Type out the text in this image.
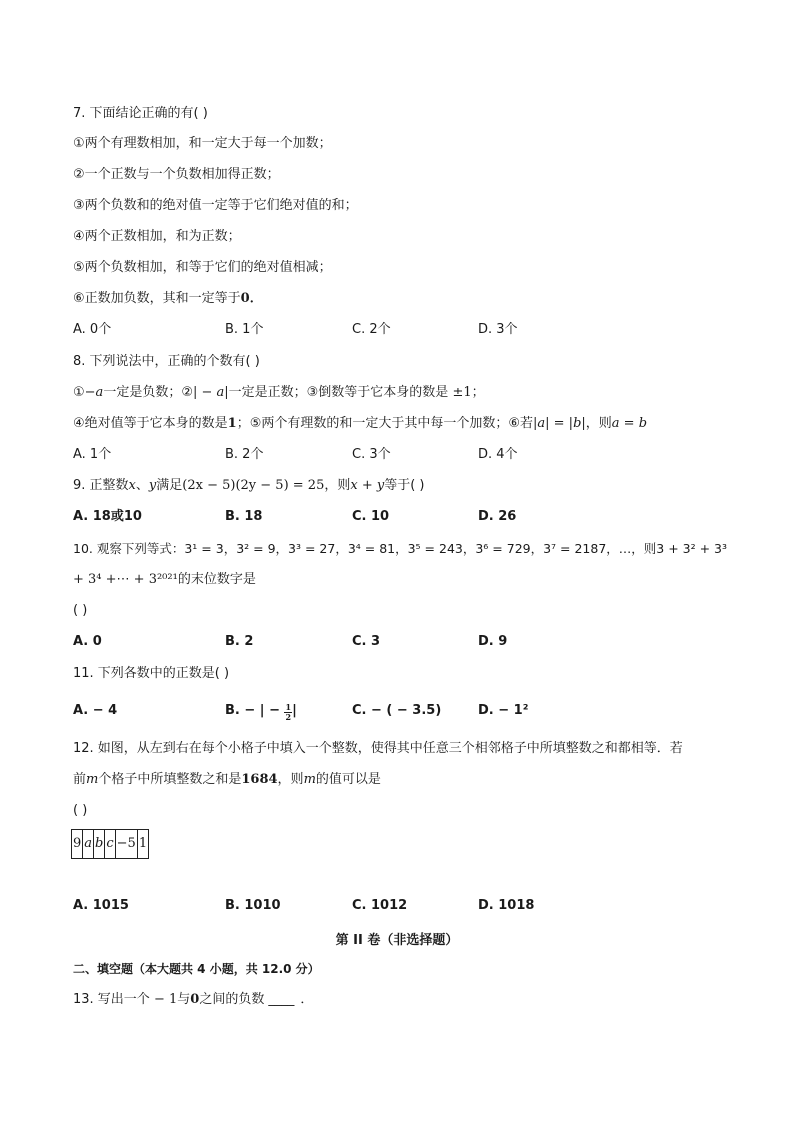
7. 下面结论正确的有( )
①两个有理数相加，和一定大于每一个加数；
②一个正数与一个负数相加得正数；
③两个负数和的绝对值一定等于它们绝对值的和；
④两个正数相加，和为正数；
⑤两个负数相加，和等于它们的绝对值相减；
⑥正数加负数，其和一定等于0．
A. 0个	B. 1个	C. 2个	D. 3个
8. 下列说法中，正确的个数有( )
①−a一定是负数；②| − a|一定是正数；③倒数等于它本身的数是 ±1；
④绝对值等于它本身的数是1；⑤两个有理数的和一定大于其中每一个加数；⑥若|a| = |b|，则a = b
A. 1个	B. 2个	C. 3个	D. 4个
9. 正整数x、y满足(2x − 5)(2y − 5) = 25，则x + y等于( )
A. 18或10	B. 18	C. 10	D. 26
10. 观察下列等式：3¹ = 3，3² = 9，3³ = 27，3⁴ = 81，3⁵ = 243，3⁶ = 729，3⁷ = 2187，…，则3 + 3² + 3³
+ 3⁴ +⋯ + 3²⁰²¹的末位数字是
( )
A. 0	B. 2	C. 3	D. 9
11. 下列各数中的正数是( )
A. − 4	B. − | − $\frac{1}{2}$ |	C. − ( − 3.5)	D. − 1²
12. 如图，从左到右在每个小格子中填入一个整数，使得其中任意三个相邻格子中所填整数之和都相等．若
前m个格子中所填整数之和是1684，则m的值可以是
( )
9 a b c −5 1
A. 1015	B. 1010	C. 1012	D. 1018
第 II 卷（非选择题）
二、填空题（本大题共 4 小题，共 12.0 分）
13. 写出一个 − 1与0之间的负数 ____ ．
